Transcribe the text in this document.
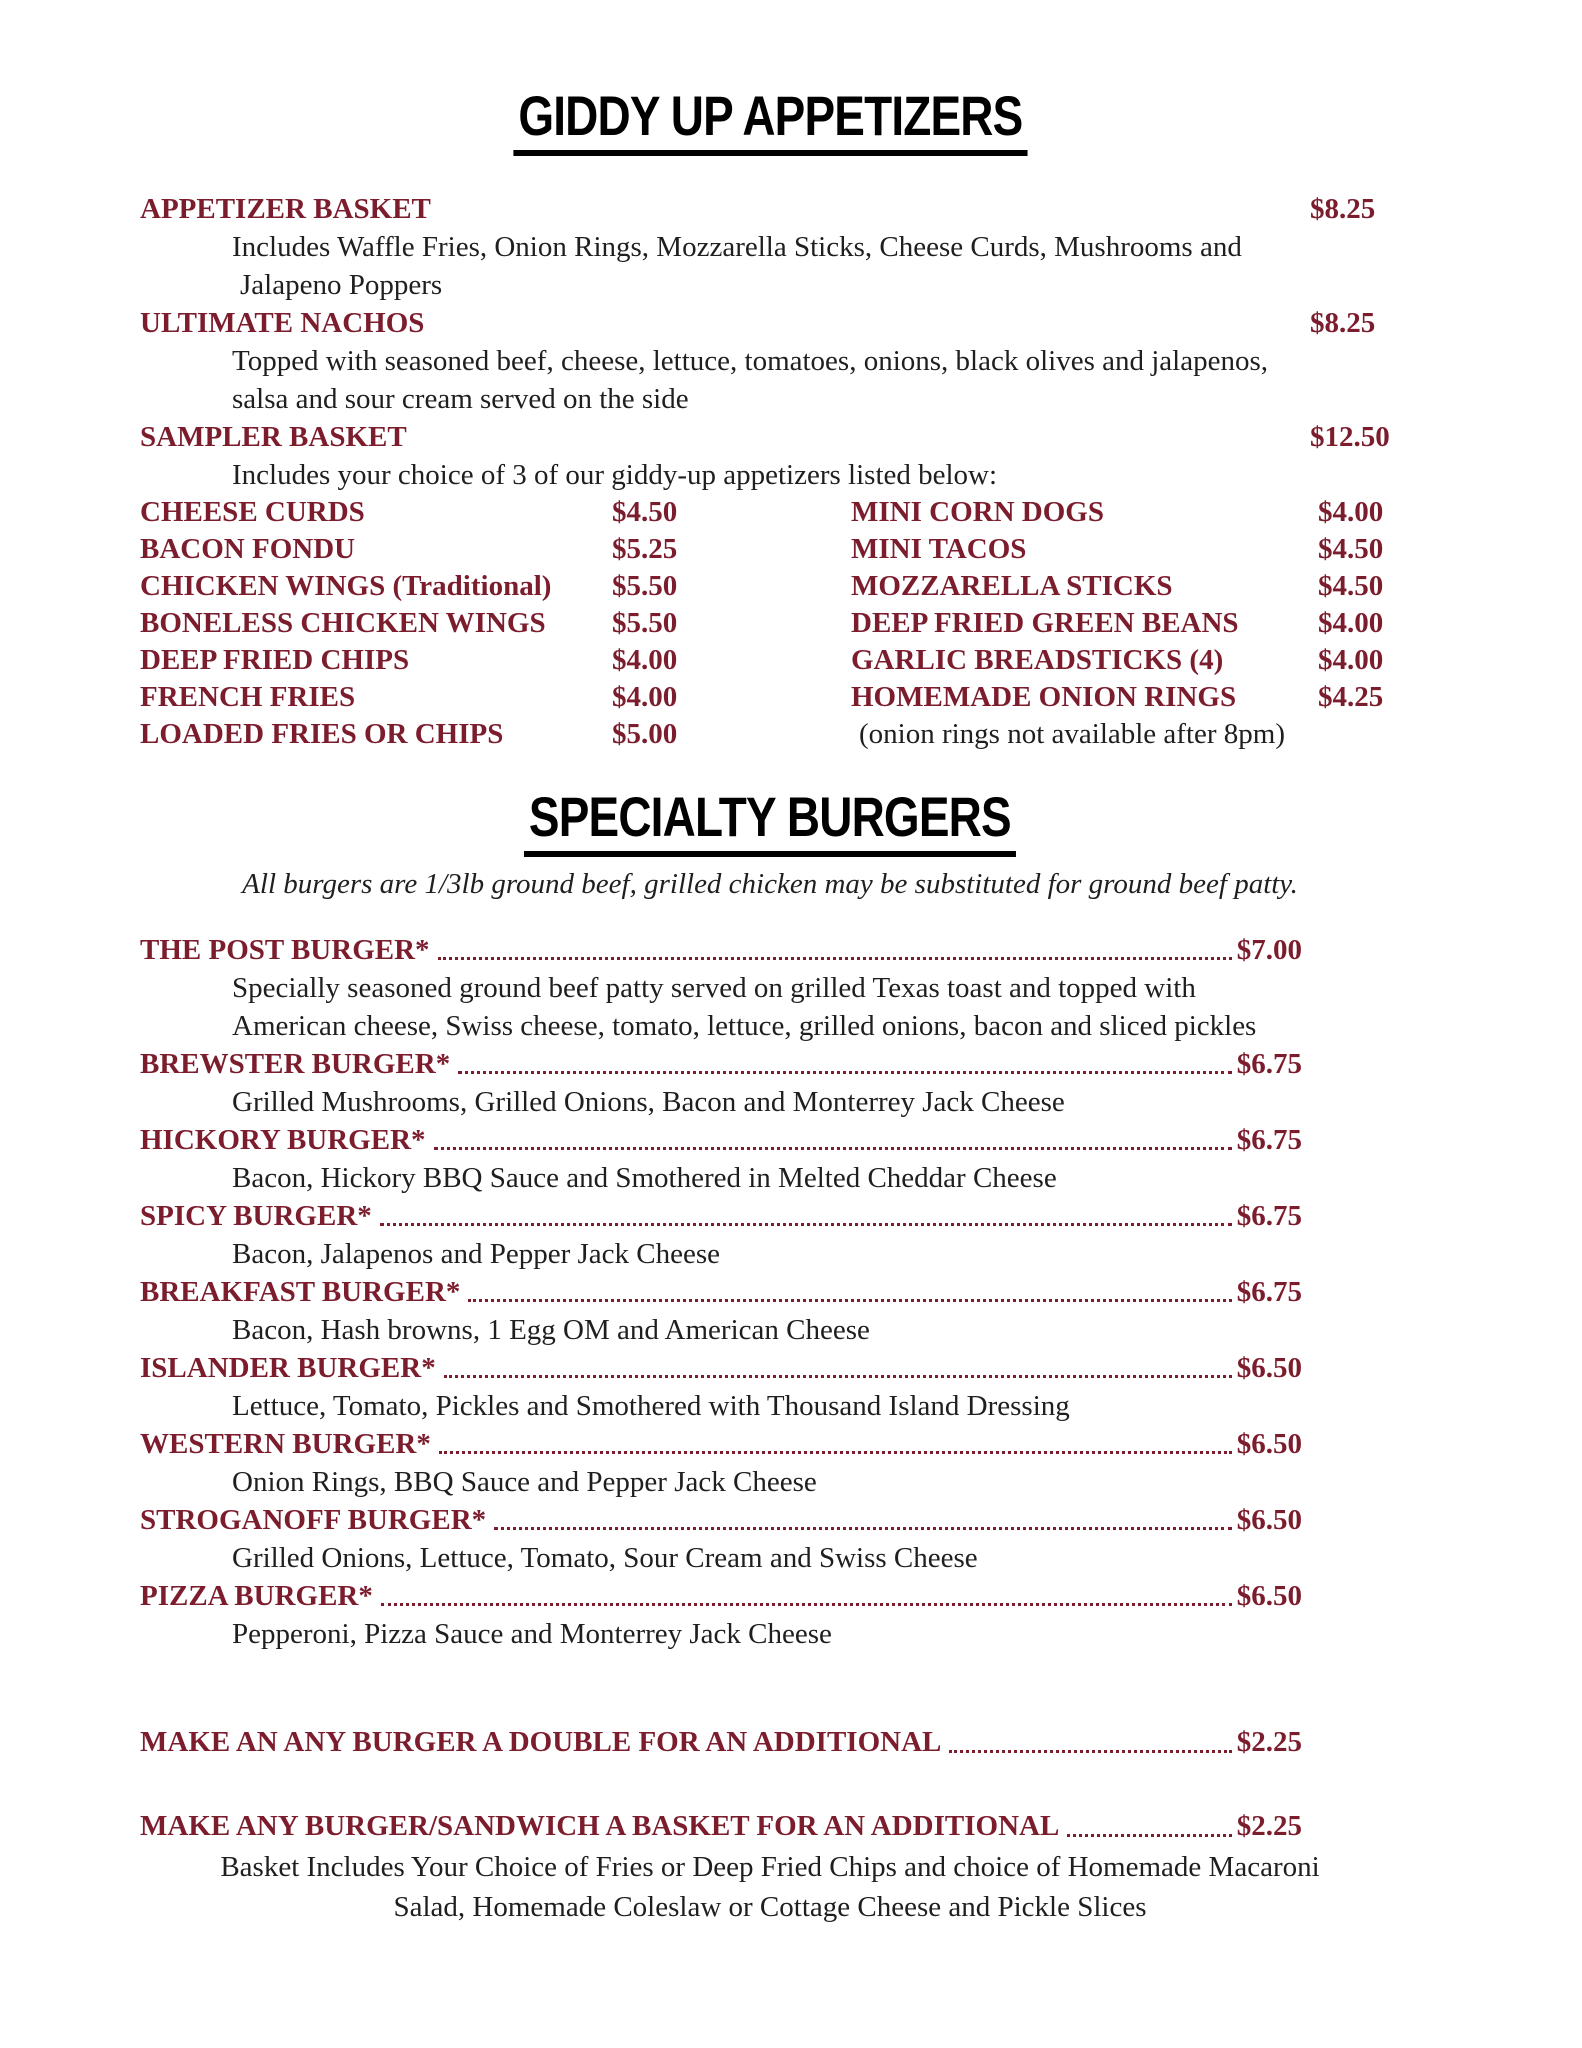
GIDDY UP APPETIZERS
APPETIZER BASKET	$8.25
Includes Waffle Fries, Onion Rings, Mozzarella Sticks, Cheese Curds, Mushrooms and
Jalapeno Poppers
ULTIMATE NACHOS	$8.25
Topped with seasoned beef, cheese, lettuce, tomatoes, onions, black olives and jalapenos,
salsa and sour cream served on the side
SAMPLER BASKET	$12.50
Includes your choice of 3 of our giddy-up appetizers listed below:
CHEESE CURDS	$4.50	MINI CORN DOGS	$4.00
BACON FONDU	$5.25	MINI TACOS	$4.50
CHICKEN WINGS (Traditional)	$5.50	MOZZARELLA STICKS	$4.50
BONELESS CHICKEN WINGS	$5.50	DEEP FRIED GREEN BEANS	$4.00
DEEP FRIED CHIPS	$4.00	GARLIC BREADSTICKS (4)	$4.00
FRENCH FRIES	$4.00	HOMEMADE ONION RINGS	$4.25
LOADED FRIES OR CHIPS	$5.00	(onion rings not available after 8pm)
SPECIALTY BURGERS
All burgers are 1/3lb ground beef, grilled chicken may be substituted for ground beef patty.
THE POST BURGER*	$7.00
Specially seasoned ground beef patty served on grilled Texas toast and topped with
American cheese, Swiss cheese, tomato, lettuce, grilled onions, bacon and sliced pickles
BREWSTER BURGER*	$6.75
Grilled Mushrooms, Grilled Onions, Bacon and Monterrey Jack Cheese
HICKORY BURGER*	$6.75
Bacon, Hickory BBQ Sauce and Smothered in Melted Cheddar Cheese
SPICY BURGER*	$6.75
Bacon, Jalapenos and Pepper Jack Cheese
BREAKFAST BURGER*	$6.75
Bacon, Hash browns, 1 Egg OM and American Cheese
ISLANDER BURGER*	$6.50
Lettuce, Tomato, Pickles and Smothered with Thousand Island Dressing
WESTERN BURGER*	$6.50
Onion Rings, BBQ Sauce and Pepper Jack Cheese
STROGANOFF BURGER*	$6.50
Grilled Onions, Lettuce, Tomato, Sour Cream and Swiss Cheese
PIZZA BURGER*	$6.50
Pepperoni, Pizza Sauce and Monterrey Jack Cheese
MAKE AN ANY BURGER A DOUBLE FOR AN ADDITIONAL	$2.25
MAKE ANY BURGER/SANDWICH A BASKET FOR AN ADDITIONAL	$2.25
Basket Includes Your Choice of Fries or Deep Fried Chips and choice of Homemade Macaroni
Salad, Homemade Coleslaw or Cottage Cheese and Pickle Slices
